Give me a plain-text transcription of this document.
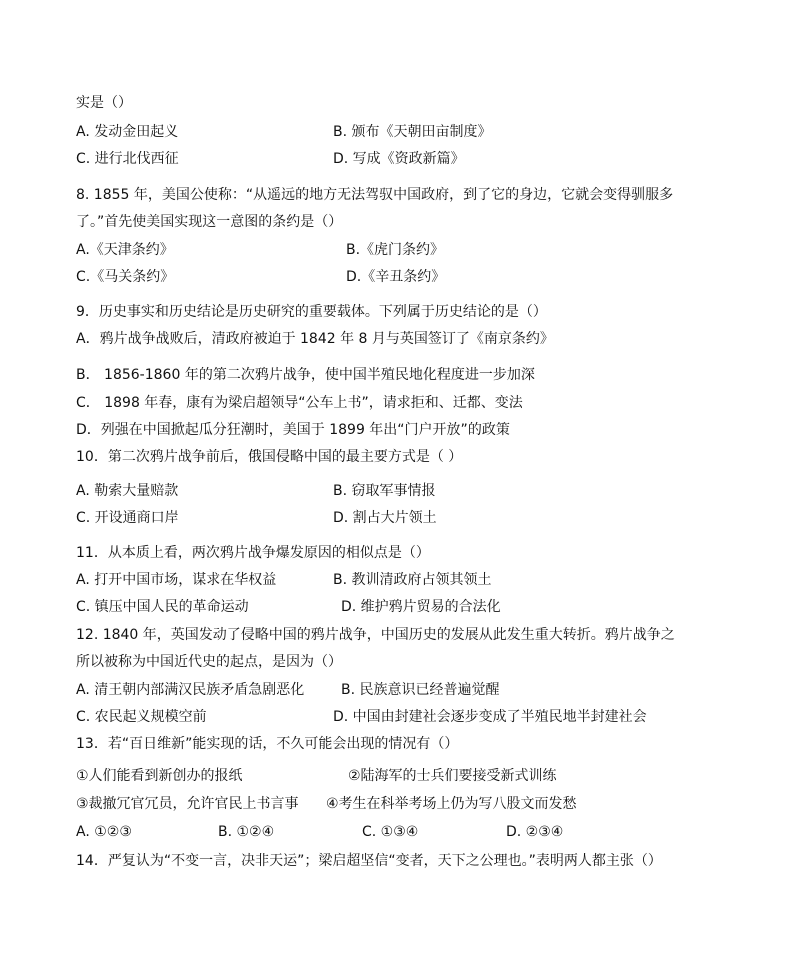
实是（）
A. 发动金田起义	B. 颁布《天朝田亩制度》
C. 进行北伐西征	D. 写成《资政新篇》
8. 1855 年，美国公使称：“从遥远的地方无法驾驭中国政府，到了它的身边，它就会变得驯服多
了。”首先使美国实现这一意图的条约是（）
A.《天津条约》	B.《虎门条约》
C.《马关条约》	D.《辛丑条约》
9．历史事实和历史结论是历史研究的重要载体。下列属于历史结论的是（）
A．鸦片战争战败后，清政府被迫于 1842 年 8 月与英国签订了《南京条约》
B． 1856-1860 年的第二次鸦片战争，使中国半殖民地化程度进一步加深
C． 1898 年春，康有为梁启超领导“公车上书”，请求拒和、迁都、变法
D．列强在中国掀起瓜分狂潮时，美国于 1899 年出“门户开放”的政策
10．第二次鸦片战争前后，俄国侵略中国的最主要方式是（ ）
A. 勒索大量赔款	B. 窃取军事情报
C. 开设通商口岸	D. 割占大片领土
11．从本质上看，两次鸦片战争爆发原因的相似点是（）
A. 打开中国市场，谋求在华权益	B. 教训清政府占领其领土
C. 镇压中国人民的革命运动	D. 维护鸦片贸易的合法化
12. 1840 年，英国发动了侵略中国的鸦片战争，中国历史的发展从此发生重大转折。鸦片战争之
所以被称为中国近代史的起点，是因为（）
A. 清王朝内部满汉民族矛盾急剧恶化	B. 民族意识已经普遍觉醒
C. 农民起义规模空前	D. 中国由封建社会逐步变成了半殖民地半封建社会
13．若“百日维新”能实现的话，不久可能会出现的情况有（）
①人们能看到新创办的报纸	②陆海军的士兵们要接受新式训练
③裁撤冗官冗员，允许官民上书言事 ④考生在科举考场上仍为写八股文而发愁
A. ①②③	B. ①②④	C. ①③④	D. ②③④
14．严复认为“不变一言，决非天运”；梁启超坚信“变者，天下之公理也。”表明两人都主张（）
